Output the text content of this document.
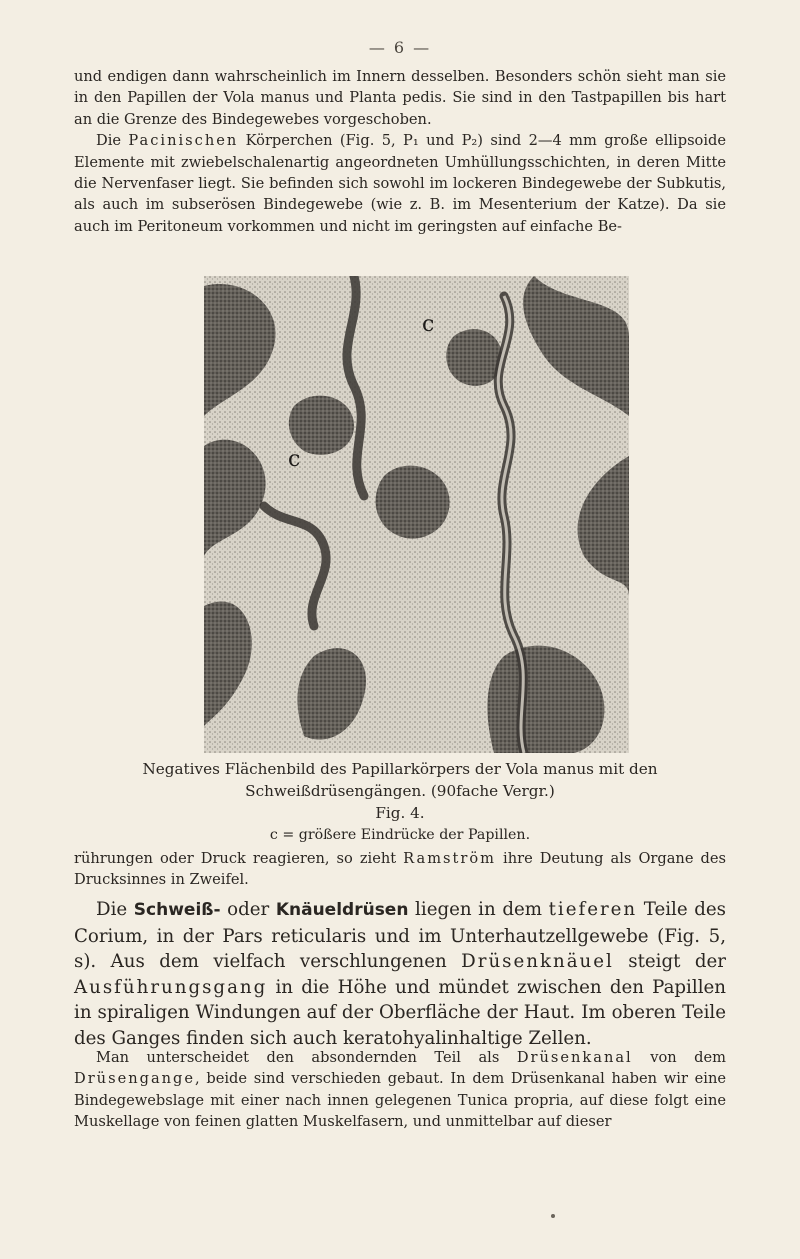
— 6 —

und endigen dann wahrscheinlich im Innern desselben. Besonders schön sieht man sie in den Papillen der Vola manus und Planta pedis. Sie sind in den Tastpapillen bis hart an die Grenze des Bindegewebes vorgeschoben.

Die Pacinischen Körperchen (Fig. 5, P₁ und P₂) sind 2—4 mm große ellipsoide Elemente mit zwiebelschalenartig angeordneten Umhüllungsschichten, in deren Mitte die Nervenfaser liegt. Sie befinden sich sowohl im lockeren Bindegewebe der Subkutis, als auch im subserösen Bindegewebe (wie z. B. im Mesenterium der Katze). Da sie auch im Peritoneum vorkommen und nicht im geringsten auf einfache Be-

c
c
Negatives Flächenbild des Papillarkörpers der Vola manus mit den
Schweißdrüsengängen. (90fache Vergr.)
Fig. 4.
c = größere Eindrücke der Papillen.

rührungen oder Druck reagieren, so zieht Ramström ihre Deutung als Organe des Drucksinnes in Zweifel.

Die Schweiß- oder Knäueldrüsen liegen in dem tieferen Teile des Corium, in der Pars reticularis und im Unterhautzellgewebe (Fig. 5, s). Aus dem vielfach verschlungenen Drüsenknäuel steigt der Ausführungsgang in die Höhe und mündet zwischen den Papillen in spiraligen Windungen auf der Oberfläche der Haut. Im oberen Teile des Ganges finden sich auch keratohyalinhaltige Zellen.

Man unterscheidet den absondernden Teil als Drüsenkanal von dem Drüsengange, beide sind verschieden gebaut. In dem Drüsenkanal haben wir eine Bindegewebslage mit einer nach innen gelegenen Tunica propria, auf diese folgt eine Muskellage von feinen glatten Muskelfasern, und unmittelbar auf dieser
